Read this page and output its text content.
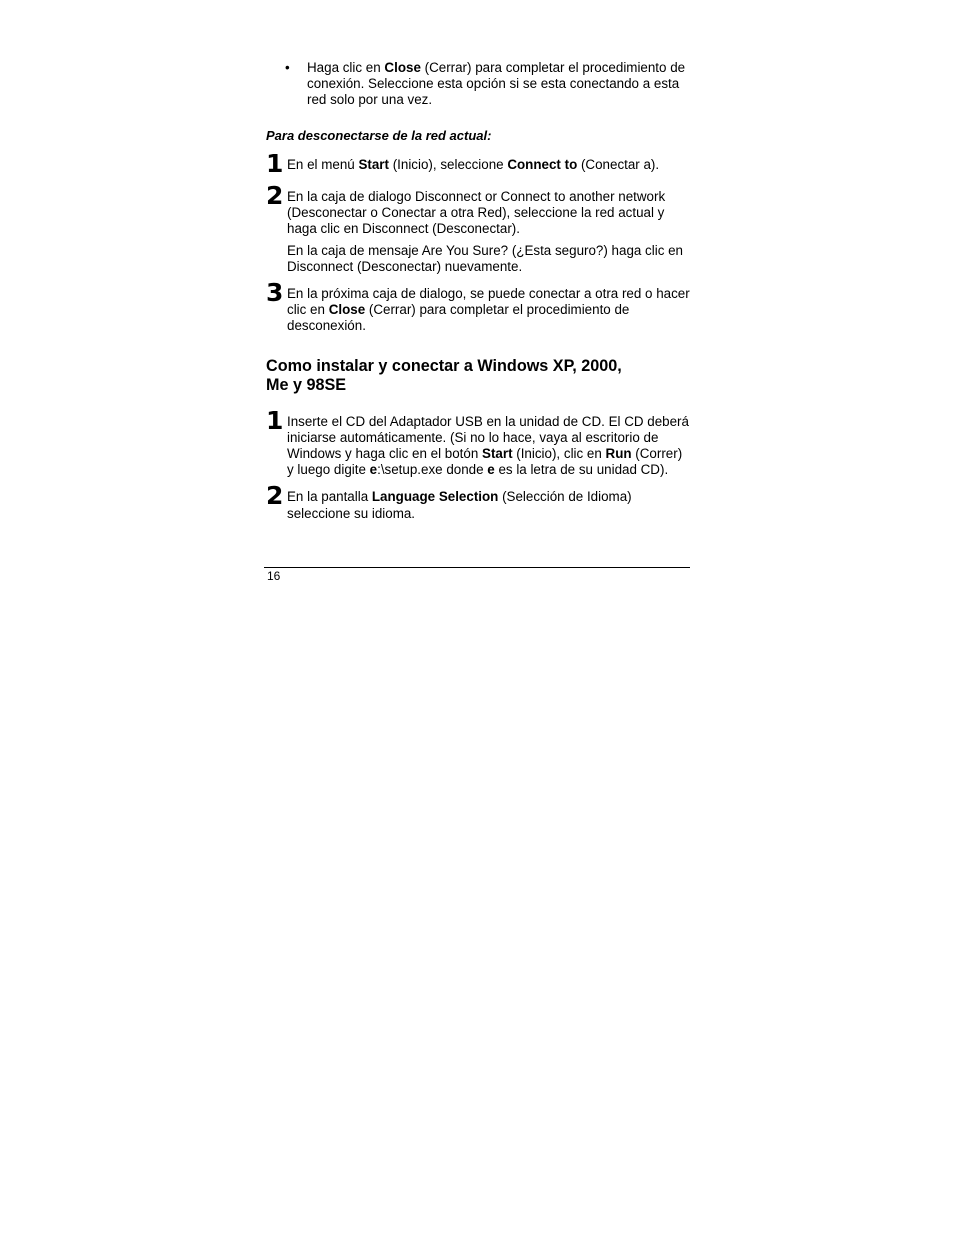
• Haga clic en Close (Cerrar) para completar el procedimiento de conexión. Seleccione esta opción si se esta conectando a esta red solo por una vez.

Para desconectarse de la red actual:
1 En el menú Start (Inicio), seleccione Connect to (Conectar a).

2 En la caja de dialogo Disconnect or Connect to another network (Desconectar o Conectar a otra Red), seleccione la red actual y haga clic en Disconnect (Desconectar).

En la caja de mensaje Are You Sure? (¿Esta seguro?) haga clic en Disconnect (Desconectar) nuevamente.

3 En la próxima caja de dialogo, se puede conectar a otra red o hacer clic en Close (Cerrar) para completar el procedimiento de desconexión.

Como instalar y conectar a Windows XP, 2000,
Me y 98SE
1 Inserte el CD del Adaptador USB en la unidad de CD. El CD deberá iniciarse automáticamente. (Si no lo hace, vaya al escritorio de Windows y haga clic en el botón Start (Inicio), clic en Run (Correr) y luego digite e:\setup.exe donde e es la letra de su unidad CD).

2 En la pantalla Language Selection (Selección de Idioma) seleccione su idioma.

16
